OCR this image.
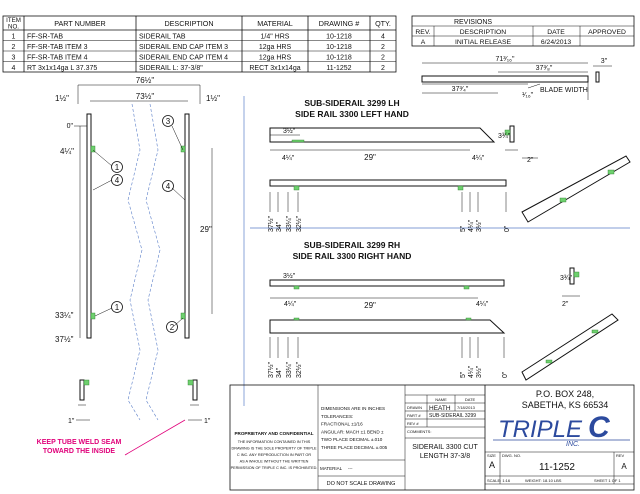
ITEM
NO.	PART NUMBER	DESCRIPTION	MATERIAL	DRAWING # QTY.
1 FF-SR-TAB	SIDERAIL TAB	1/4" HRS	10-1218	4
2 FF-SR-TAB ITEM 3	SIDERAIL END CAP ITEM 3	12ga HRS	10-1218	2
3 FF-SR-TAB ITEM 4	SIDERAIL END CAP ITEM 4	12ga HRS	10-1218	2
4 RT 3x1x14ga L 37.375	SIDERAIL L: 37-3/8"	RECT 3x1x14ga	11-1252	2
REVISIONS
REV.	DESCRIPTION	DATE	APPROVED
A	INITIAL RELEASE	6/24/2013
71³⁄₁₆"
37³⁄₈"
37³⁄₄"
¹⁄₁₆"
BLADE WIDTH
3"
76½"
73½"
1½"	1½"
0"
4¼"
33¼"
37½"
29"
1
4
3
4
1
2
1"	1"
KEEP TUBE WELD SEAM
TOWARD THE INSIDE
SUB-SIDERAIL 3299 LH
SIDE RAIL 3300 LEFT HAND
3½"
4¼"	29"	4¼"
37½" 34" 33¼" 32½"	5" 4¼" 3½"	0"
3¾"
2"
SUB-SIDERAIL 3299 RH
SIDE RAIL 3300 RIGHT HAND
3½"
4¼"	29"	4¼"
37½" 34" 33¼" 32½"	5" 4¼" 3½"	0"
3¾"
2"
P.O. BOX 248,
SABETHA, KS 66534
TRIPLE C
INC.
SIZE
A
DWG. NO.
11-1252
REV
A
SCALE: 1:16	WEIGHT: 18.10 LBS	SHEET 1 OF 1
NAME	DATE
DRAWN HEATH 7/18/2013
PART # SUB-SIDERAIL 3299
REV #
COMMENTS:
SIDERAIL 3300 CUT
LENGTH 37-3/8
DIMENSIONS ARE IN INCHES
TOLERANCES:
FRACTIONAL ±1/16
ANGULAR: MACH ±1 BEND ±
TWO PLACE DECIMAL ±.010
THREE PLACE DECIMAL ±.005
MATERIAL ---
DO NOT SCALE DRAWING
PROPRIETARY AND CONFIDENTIAL
THE INFORMATION CONTAINED IN THIS
DRAWING IS THE SOLE PROPERTY OF TRIPLE
C INC. ANY REPRODUCTION IN PART OR
AS A WHOLE WITHOUT THE WRITTEN
PERMISSION OF TRIPLE C INC. IS PROHIBITED.
